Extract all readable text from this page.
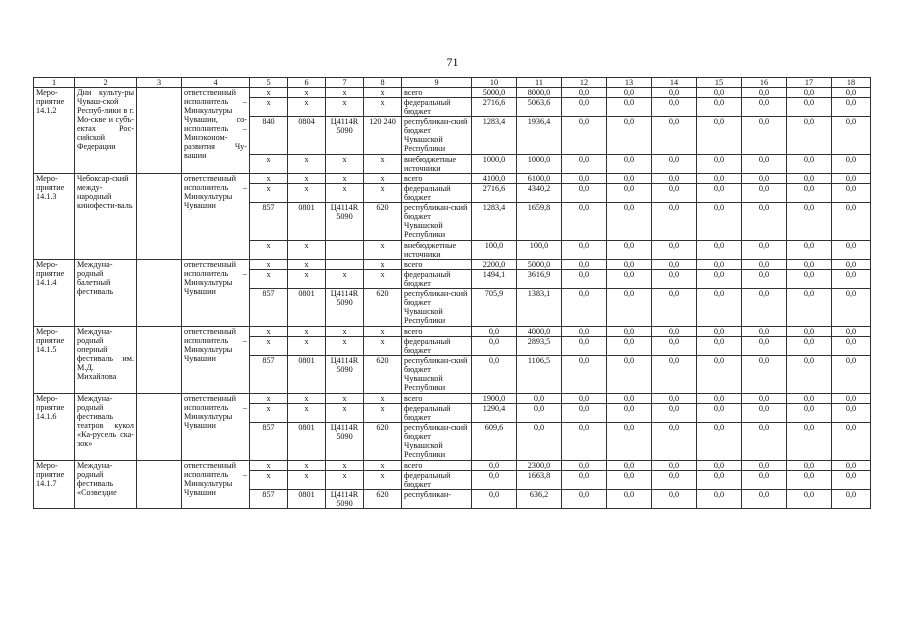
71
1	2	3	4	5	6	7	8	9	10	11	12	13	14	15	16	17	18
Меро-приятие 14.1.2	Дни культу-ры Чуваш-ской Респуб-лики в г. Мо-скве и субъ-ектах Рос-сийской Федерации		ответственный исполнитель – Минкультуры Чувашии, со-исполнитель – Минэконом-развития Чу-вашии	x	x	x	x	всего	5000,0	8000,0	0,0	0,0	0,0	0,0	0,0	0,0	0,0
				x	x	x	x	федеральный бюджет	2716,6	5063,6	0,0	0,0	0,0	0,0	0,0	0,0	0,0
				840	0804	Ц4114R 5090	120 240	республикан-ский бюджет Чувашской Республики	1283,4	1936,4	0,0	0,0	0,0	0,0	0,0	0,0	0,0
				x	x	x	x	внебюджетные источники	1000,0	1000,0	0,0	0,0	0,0	0,0	0,0	0,0	0,0
Меро-приятие 14.1.3	Чебоксар-ский между-народный кинофести-валь		ответственный исполнитель – Минкультуры Чувашии	x	x	x	x	всего	4100,0	6100,0	0,0	0,0	0,0	0,0	0,0	0,0	0,0
				x	x	x	x	федеральный бюджет	2716,6	4340,2	0,0	0,0	0,0	0,0	0,0	0,0	0,0
				857	0801	Ц4114R 5090	620	республикан-ский бюджет Чувашской Республики	1283,4	1659,8	0,0	0,0	0,0	0,0	0,0	0,0	0,0
				x	x		x	внебюджетные источники	100,0	100,0	0,0	0,0	0,0	0,0	0,0	0,0	0,0
Меро-приятие 14.1.4	Междуна-родный балетный фестиваль		ответственный исполнитель – Минкультуры Чувашии	x	x		x	всего	2200,0	5000,0	0,0	0,0	0,0	0,0	0,0	0,0	0,0
				x	x	x	x	федеральный бюджет	1494,1	3616,9	0,0	0,0	0,0	0,0	0,0	0,0	0,0
				857	0801	Ц4114R 5090	620	республикан-ский бюджет Чувашской Республики	705,9	1383,1	0,0	0,0	0,0	0,0	0,0	0,0	0,0
Меро-приятие 14.1.5	Междуна-родный оперный фестиваль им. М.Д. Михайлова		ответственный исполнитель – Минкультуры Чувашии	x	x	x	x	всего	0,0	4000,0	0,0	0,0	0,0	0,0	0,0	0,0	0,0
				x	x	x	x	федеральный бюджет	0,0	2893,5	0,0	0,0	0,0	0,0	0,0	0,0	0,0
				857	0801	Ц4114R 5090	620	республикан-ский бюджет Чувашской Республики	0,0	1106,5	0,0	0,0	0,0	0,0	0,0	0,0	0,0
Меро-приятие 14.1.6	Междуна-родный фестиваль театров кукол «Ка-русель ска-зок»		ответственный исполнитель – Минкультуры Чувашии	x	x	x	x	всего	1900,0	0,0	0,0	0,0	0,0	0,0	0,0	0,0	0,0
				x	x	x	x	федеральный бюджет	1290,4	0,0	0,0	0,0	0,0	0,0	0,0	0,0	0,0
				857	0801	Ц4114R 5090	620	республикан-ский бюджет Чувашской Республики	609,6	0,0	0,0	0,0	0,0	0,0	0,0	0,0	0,0
Меро-приятие 14.1.7	Междуна-родный фестиваль «Созвездие		ответственный исполнитель – Минкультуры Чувашии	x	x	x	x	всего	0,0	2300,0	0,0	0,0	0,0	0,0	0,0	0,0	0,0
				x	x	x	x	федеральный бюджет	0,0	1663,8	0,0	0,0	0,0	0,0	0,0	0,0	0,0
				857	0801	Ц4114R 5090	620	республикан-	0,0	636,2	0,0	0,0	0,0	0,0	0,0	0,0	0,0
